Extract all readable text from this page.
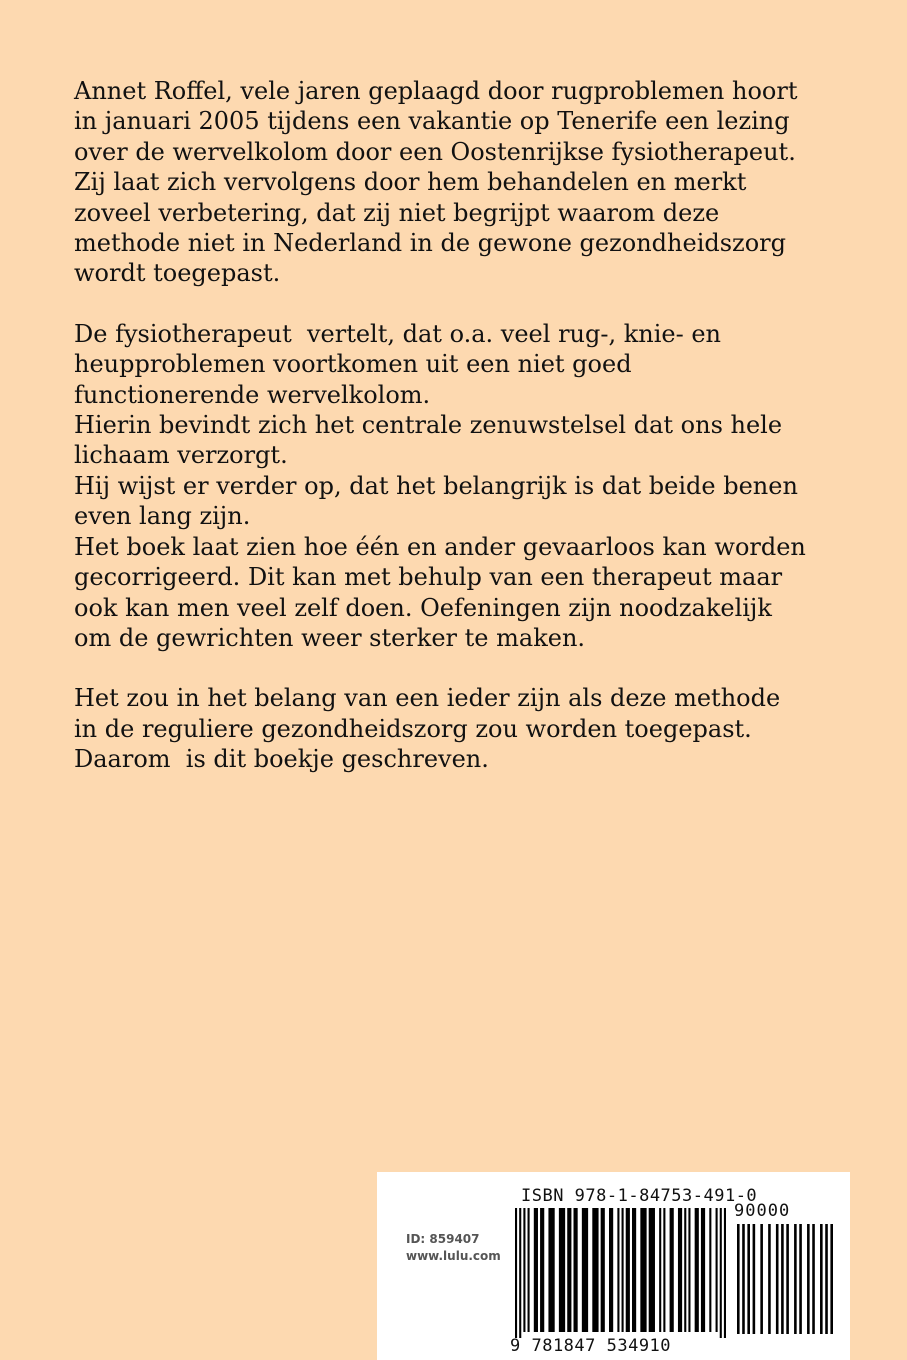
Annet Roffel, vele jaren geplaagd door rugproblemen hoort
in januari 2005 tijdens een vakantie op Tenerife een lezing
over de wervelkolom door een Oostenrijkse fysiotherapeut.
Zij laat zich vervolgens door hem behandelen en merkt
zoveel verbetering, dat zij niet begrijpt waarom deze
methode niet in Nederland in de gewone gezondheidszorg
wordt toegepast.
De fysiotherapeut  vertelt, dat o.a. veel rug-, knie- en
heupproblemen voortkomen uit een niet goed
functionerende wervelkolom.
Hierin bevindt zich het centrale zenuwstelsel dat ons hele
lichaam verzorgt.
Hij wijst er verder op, dat het belangrijk is dat beide benen
even lang zijn.
Het boek laat zien hoe één en ander gevaarloos kan worden
gecorrigeerd. Dit kan met behulp van een therapeut maar
ook kan men veel zelf doen. Oefeningen zijn noodzakelijk
om de gewrichten weer sterker te maken.
Het zou in het belang van een ieder zijn als deze methode
in de reguliere gezondheidszorg zou worden toegepast.
Daarom  is dit boekje geschreven.
ISBN 978-1-84753-491-0
ID: 859407
www.lulu.com
90000
9 781847 534910
